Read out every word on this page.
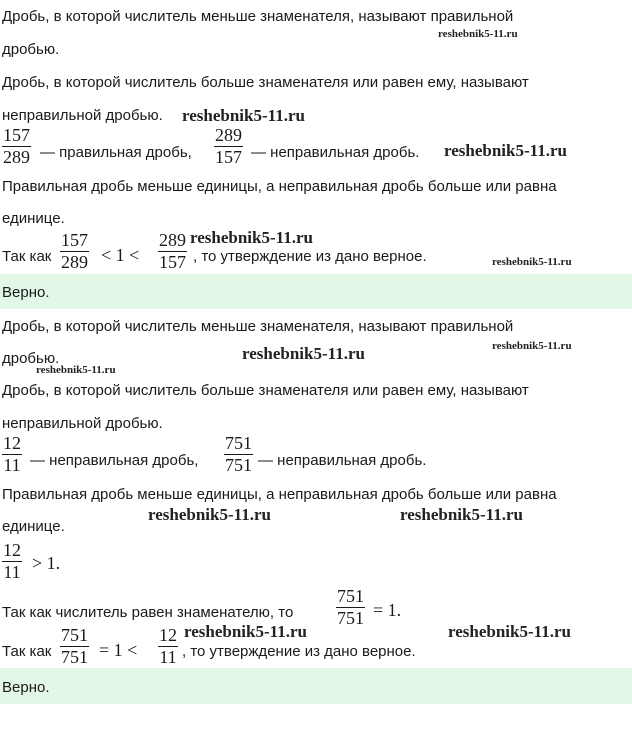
Дробь, в которой числитель меньше знаменателя, называют правильной
reshebnik5-11.ru
дробью.
Дробь, в которой числитель больше знаменателя или равен ему, называют
неправильной дробью. reshebnik5-11.ru
157
289 — правильная дробь,
289
157 — неправильная дробь. reshebnik5-11.ru
Правильная дробь меньше единицы, а неправильная дробь больше или равна
единице.
Так как
157
289 < 1 <
289
157
reshebnik5-11.ru
, то утверждение из дано верное.	reshebnik5-11.ru
Верно.
Дробь, в которой числитель меньше знаменателя, называют правильной
reshebnik5-11.ru
reshebnik5-11.ru
дробью.
reshebnik5-11.ru
Дробь, в которой числитель больше знаменателя или равен ему, называют
неправильной дробью.
12
11 — неправильная дробь,
751
751 — неправильная дробь.
Правильная дробь меньше единицы, а неправильная дробь больше или равна
reshebnik5-11.ru	reshebnik5-11.ru
единице.
12
11 > 1.
Так как числитель равен знаменателю, то
751
751 = 1.
Так как
751
751 = 1 <
12
11
reshebnik5-11.ru	reshebnik5-11.ru
, то утверждение из дано верное.
Верно.
